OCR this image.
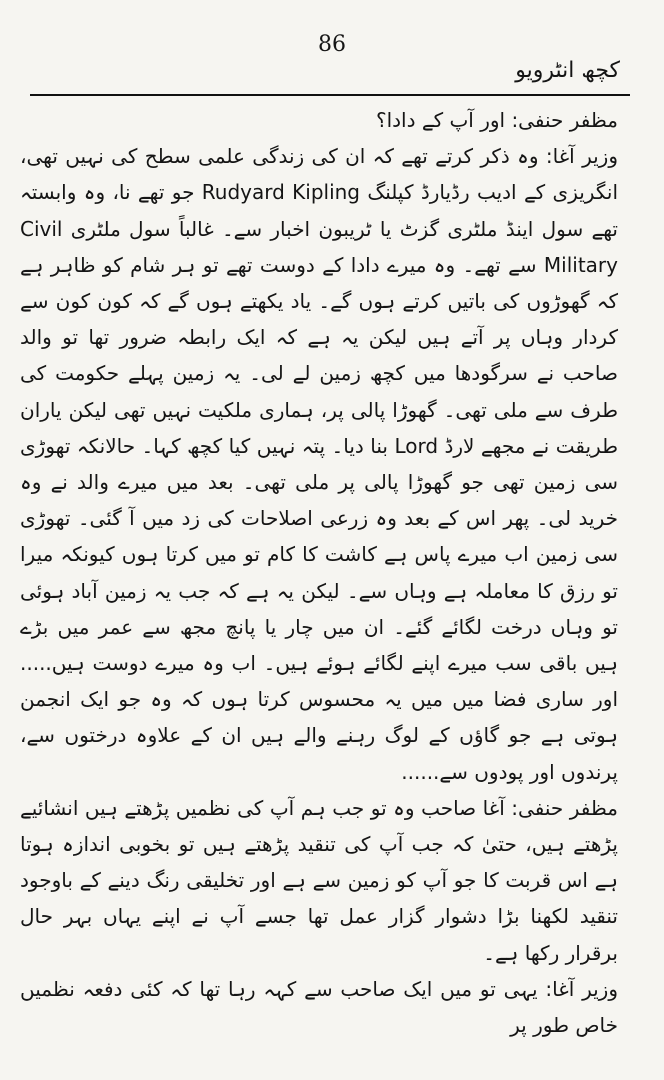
86
کچھ انٹرویو

مظفر حنفی: اور آپ کے دادا؟

وزیر آغا: وہ ذکر کرتے تھے کہ ان کی زندگی علمی سطح کی نہیں تھی، انگریزی کے ادیب رڈیارڈ کپلنگ Rudyard Kipling جو تھے نا، وہ وابستہ تھے سول اینڈ ملٹری گزٹ یا ٹریبون اخبار سے۔ غالباً سول ملٹری Civil Military سے تھے۔ وہ میرے دادا کے دوست تھے تو ہر شام کو ظاہر ہے کہ گھوڑوں کی باتیں کرتے ہوں گے۔ یاد یکھتے ہوں گے کہ کون کون سے کردار وہاں پر آتے ہیں لیکن یہ ہے کہ ایک رابطہ ضرور تھا تو والد صاحب نے سرگودھا میں کچھ زمین لے لی۔ یہ زمین پہلے حکومت کی طرف سے ملی تھی۔ گھوڑا پالی پر، ہماری ملکیت نہیں تھی لیکن یاران طریقت نے مجھے لارڈ Lord بنا دیا۔ پتہ نہیں کیا کچھ کہا۔ حالانکہ تھوڑی سی زمین تھی جو گھوڑا پالی پر ملی تھی۔ بعد میں میرے والد نے وہ خرید لی۔ پھر اس کے بعد وہ زرعی اصلاحات کی زد میں آ گئی۔ تھوڑی سی زمین اب میرے پاس ہے کاشت کا کام تو میں کرتا ہوں کیونکہ میرا تو رزق کا معاملہ ہے وہاں سے۔ لیکن یہ ہے کہ جب یہ زمین آباد ہوئی تو وہاں درخت لگائے گئے۔ ان میں چار یا پانچ مجھ سے عمر میں بڑے ہیں باقی سب میرے اپنے لگائے ہوئے ہیں۔ اب وہ میرے دوست ہیں..... اور ساری فضا میں میں یہ محسوس کرتا ہوں کہ وہ جو ایک انجمن ہوتی ہے جو گاؤں کے لوگ رہنے والے ہیں ان کے علاوہ درختوں سے، پرندوں اور پودوں سے......

مظفر حنفی: آغا صاحب وہ تو جب ہم آپ کی نظمیں پڑھتے ہیں انشائیے پڑھتے ہیں، حتیٰ کہ جب آپ کی تنقید پڑھتے ہیں تو بخوبی اندازہ ہوتا ہے اس قربت کا جو آپ کو زمین سے ہے اور تخلیقی رنگ دینے کے باوجود تنقید لکھنا بڑا دشوار گزار عمل تھا جسے آپ نے اپنے یہاں بہر حال برقرار رکھا ہے۔

وزیر آغا: یہی تو میں ایک صاحب سے کہہ رہا تھا کہ کئی دفعہ نظمیں خاص طور پر
